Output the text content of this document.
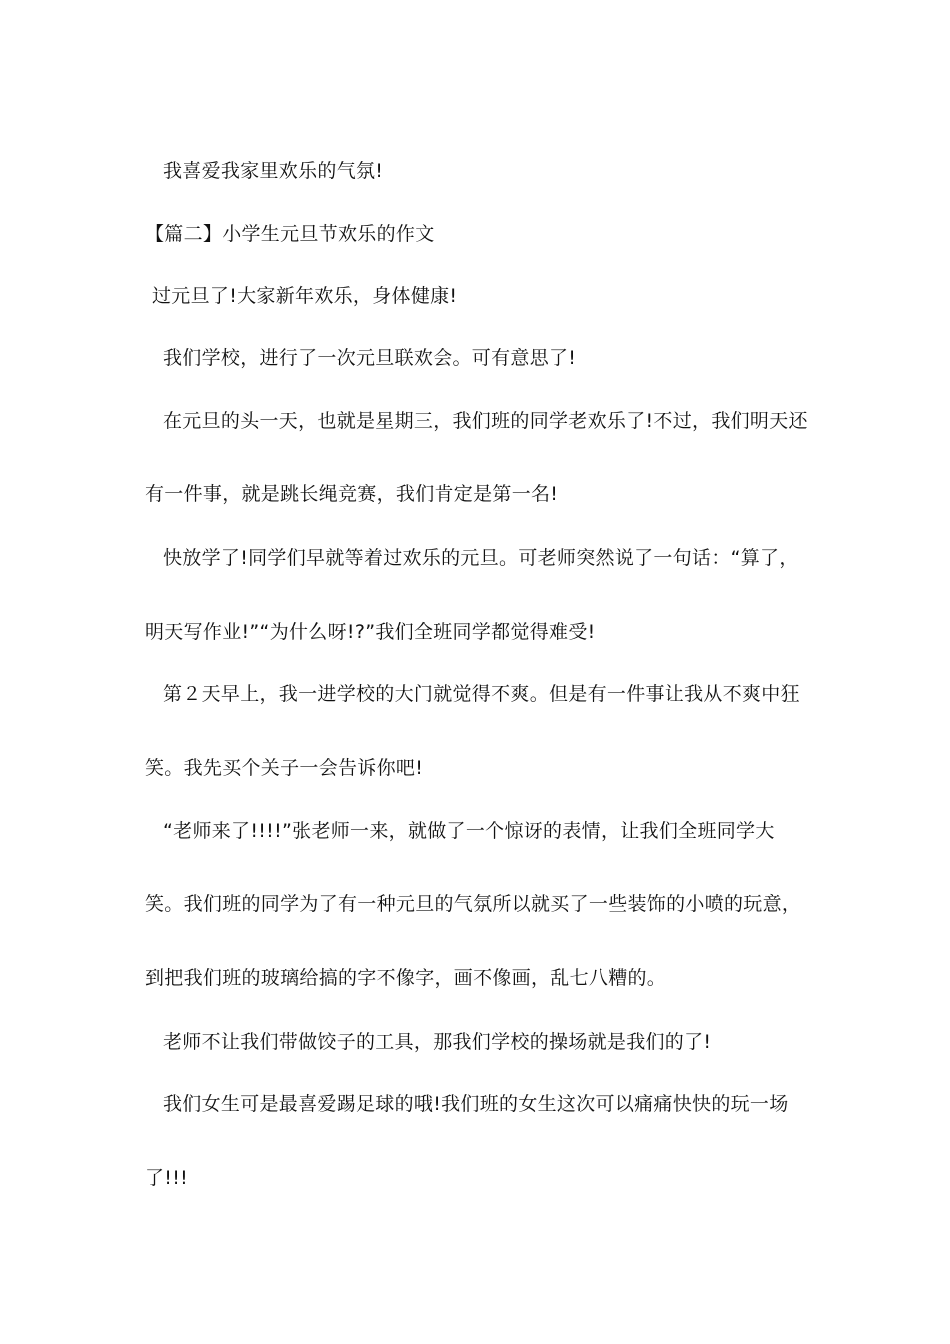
我喜爱我家里欢乐的气氛!

【篇二】小学生元旦节欢乐的作文

过元旦了!大家新年欢乐，身体健康!

我们学校，进行了一次元旦联欢会。可有意思了!

在元旦的头一天，也就是星期三，我们班的同学老欢乐了!不过，我们明天还

有一件事，就是跳长绳竞赛，我们肯定是第一名!

快放学了!同学们早就等着过欢乐的元旦。可老师突然说了一句话：“算了，

明天写作业!”“为什么呀!?”我们全班同学都觉得难受!

第２天早上，我一进学校的大门就觉得不爽。但是有一件事让我从不爽中狂

笑。我先买个关子一会告诉你吧!

“老师来了!!!!”张老师一来，就做了一个惊讶的表情，让我们全班同学大

笑。我们班的同学为了有一种元旦的气氛所以就买了一些装饰的小喷的玩意，

到把我们班的玻璃给搞的字不像字，画不像画，乱七八糟的。

老师不让我们带做饺子的工具，那我们学校的操场就是我们的了!

我们女生可是最喜爱踢足球的哦!我们班的女生这次可以痛痛快快的玩一场

了!!!
